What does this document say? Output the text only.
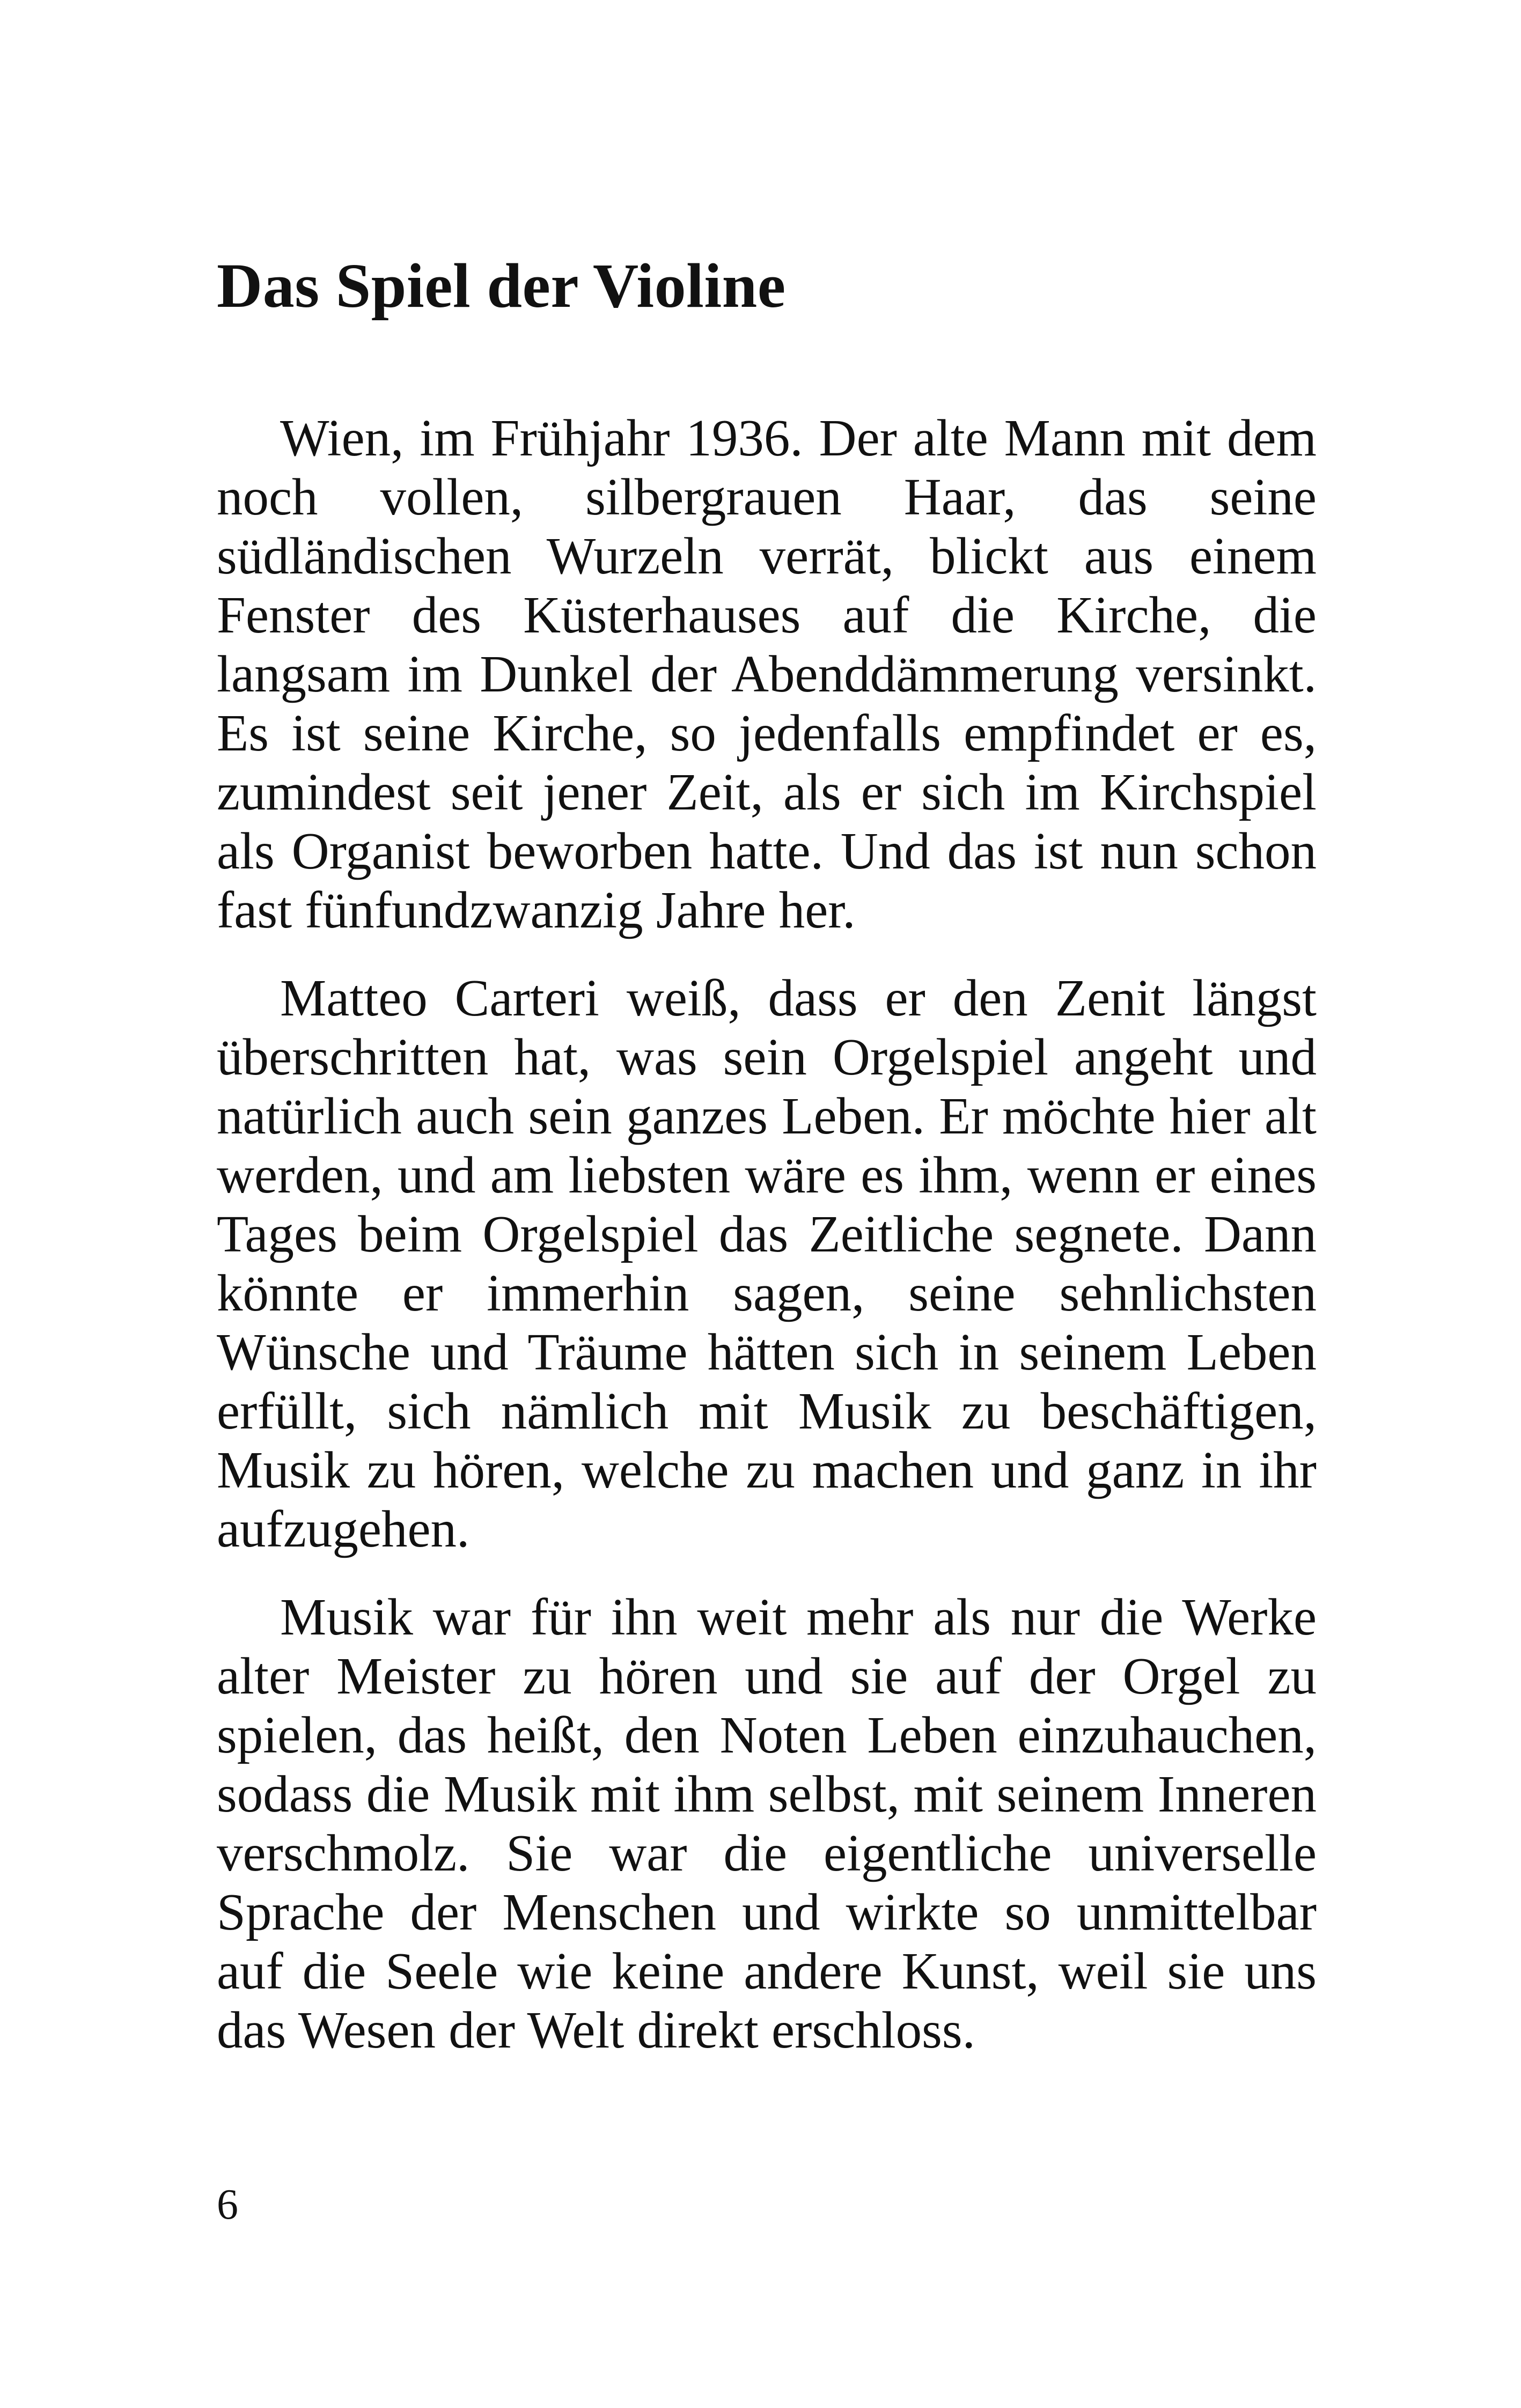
Das Spiel der Violine

Wien, im Frühjahr 1936. Der alte Mann mit dem noch vollen, silbergrauen Haar, das seine südländischen Wurzeln verrät, blickt aus einem Fenster des Küsterhauses auf die Kirche, die langsam im Dunkel der Abenddämmerung versinkt. Es ist seine Kirche, so jedenfalls empfindet er es, zumindest seit jener Zeit, als er sich im Kirchspiel als Organist beworben hatte. Und das ist nun schon fast fünfundzwanzig Jahre her.

Matteo Carteri weiß, dass er den Zenit längst überschritten hat, was sein Orgelspiel angeht und natürlich auch sein ganzes Leben. Er möchte hier alt werden, und am liebsten wäre es ihm, wenn er eines Tages beim Orgelspiel das Zeitliche segnete. Dann könnte er immerhin sagen, seine sehnlichsten Wünsche und Träume hätten sich in seinem Leben erfüllt, sich nämlich mit Musik zu beschäftigen, Musik zu hören, welche zu machen und ganz in ihr aufzugehen.

Musik war für ihn weit mehr als nur die Werke alter Meister zu hören und sie auf der Orgel zu spielen, das heißt, den Noten Leben einzuhauchen, sodass die Musik mit ihm selbst, mit seinem Inneren verschmolz. Sie war die eigentliche universelle Sprache der Menschen und wirkte so unmittelbar auf die Seele wie keine andere Kunst, weil sie uns das Wesen der Welt direkt erschloss.

6
